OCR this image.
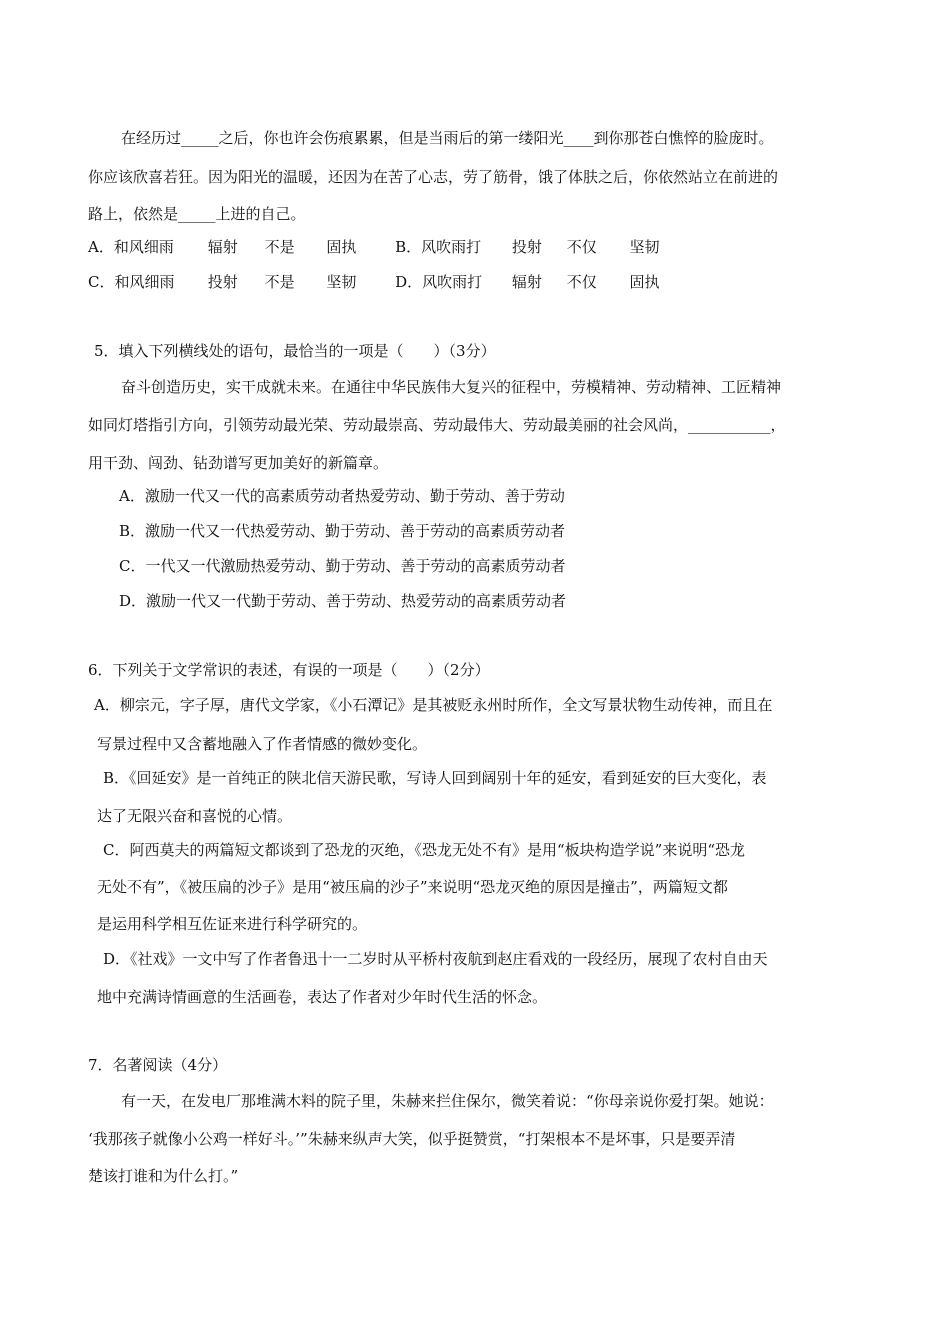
在经历过_____之后，你也许会伤痕累累，但是当雨后的第一缕阳光____到你那苍白憔悴的脸庞时。
你应该欣喜若狂。因为阳光的温暖，还因为在苦了心志，劳了筋骨，饿了体肤之后，你依然站立在前进的
路上，依然是_____上进的自己。
A．和风细雨 辐射 不是 固执	B．风吹雨打 投射 不仅 坚韧
C．和风细雨 投射 不是 坚韧	D．风吹雨打 辐射 不仅 固执
5．填入下列横线处的语句，最恰当的一项是（　　）（3分）
奋斗创造历史，实干成就未来。在通往中华民族伟大复兴的征程中，劳模精神、劳动精神、工匠精神
如同灯塔指引方向，引领劳动最光荣、劳动最崇高、劳动最伟大、劳动最美丽的社会风尚，___________，
用干劲、闯劲、钻劲谱写更加美好的新篇章。
A．激励一代又一代的高素质劳动者热爱劳动、勤于劳动、善于劳动
B．激励一代又一代热爱劳动、勤于劳动、善于劳动的高素质劳动者
C．一代又一代激励热爱劳动、勤于劳动、善于劳动的高素质劳动者
D．激励一代又一代勤于劳动、善于劳动、热爱劳动的高素质劳动者
6．下列关于文学常识的表述，有误的一项是（　　）（2分）
A．柳宗元，字子厚，唐代文学家，《小石潭记》是其被贬永州时所作，全文写景状物生动传神，而且在
写景过程中又含蓄地融入了作者情感的微妙变化。
B．《回延安》是一首纯正的陕北信天游民歌，写诗人回到阔别十年的延安，看到延安的巨大变化，表
达了无限兴奋和喜悦的心情。
C．阿西莫夫的两篇短文都谈到了恐龙的灭绝，《恐龙无处不有》是用“板块构造学说”来说明“恐龙
无处不有”，《被压扁的沙子》是用“被压扁的沙子”来说明“恐龙灭绝的原因是撞击”，两篇短文都
是运用科学相互佐证来进行科学研究的。
D．《社戏》一文中写了作者鲁迅十一二岁时从平桥村夜航到赵庄看戏的一段经历，展现了农村自由天
地中充满诗情画意的生活画卷，表达了作者对少年时代生活的怀念。
7．名著阅读（4分）
有一天，在发电厂那堆满木料的院子里，朱赫来拦住保尔，微笑着说：“你母亲说你爱打架。她说：
‘我那孩子就像小公鸡一样好斗。’”朱赫来纵声大笑，似乎挺赞赏，“打架根本不是坏事，只是要弄清
楚该打谁和为什么打。”
